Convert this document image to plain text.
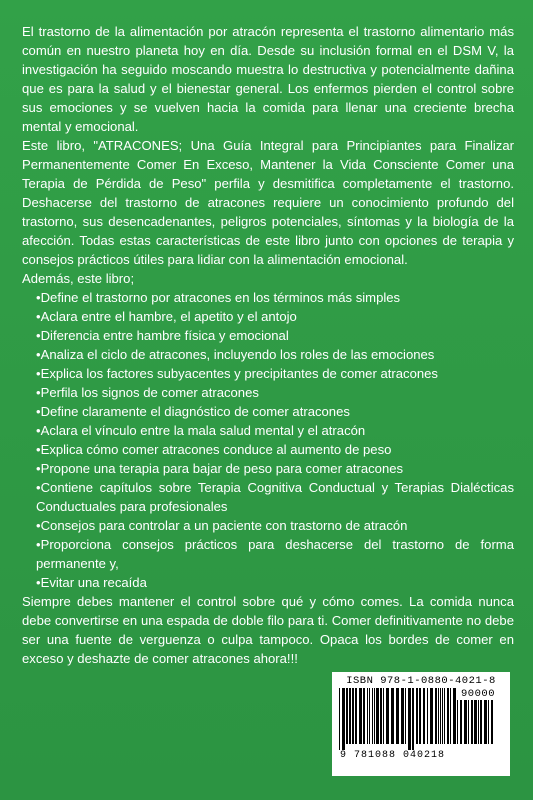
El trastorno de la alimentación por atracón representa el trastorno alimentario más común en nuestro planeta hoy en día. Desde su inclusión formal en el DSM V, la investigación ha seguido moscando muestra lo destructiva y potencialmente dañina que es para la salud y el bienestar general. Los enfermos pierden el control sobre sus emociones y se vuelven hacia la comida para llenar una creciente brecha mental y emocional.

Este libro, "ATRACONES; Una Guía Integral para Principiantes para Finalizar Permanentemente Comer En Exceso, Mantener la Vida Consciente Comer una Terapia de Pérdida de Peso" perfila y desmitifica completamente el trastorno. Deshacerse del trastorno de atracones requiere un conocimiento profundo del trastorno, sus desencadenantes, peligros potenciales, síntomas y la biología de la afección. Todas estas características de este libro junto con opciones de terapia y consejos prácticos útiles para lidiar con la alimentación emocional.

Además, este libro;

•Define el trastorno por atracones en los términos más simples
•Aclara entre el hambre, el apetito y el antojo
•Diferencia entre hambre física y emocional
•Analiza el ciclo de atracones, incluyendo los roles de las emociones
•Explica los factores subyacentes y precipitantes de comer atracones
•Perfila los signos de comer atracones
•Define claramente el diagnóstico de comer atracones
•Aclara el vínculo entre la mala salud mental y el atracón
•Explica cómo comer atracones conduce al aumento de peso
•Propone una terapia para bajar de peso para comer atracones
•Contiene capítulos sobre Terapia Cognitiva Conductual y Terapias Dialécticas Conductuales para profesionales
•Consejos para controlar a un paciente con trastorno de atracón
•Proporciona consejos prácticos para deshacerse del trastorno de forma permanente y,
•Evitar una recaída

Siempre debes mantener el control sobre qué y cómo comes. La comida nunca debe convertirse en una espada de doble filo para ti. Comer definitivamente no debe ser una fuente de verguenza o culpa tampoco. Opaca los bordes de comer en exceso y deshazte de comer atracones ahora!!!

ISBN 978-1-0880-4021-8
90000
9 781088 040218
